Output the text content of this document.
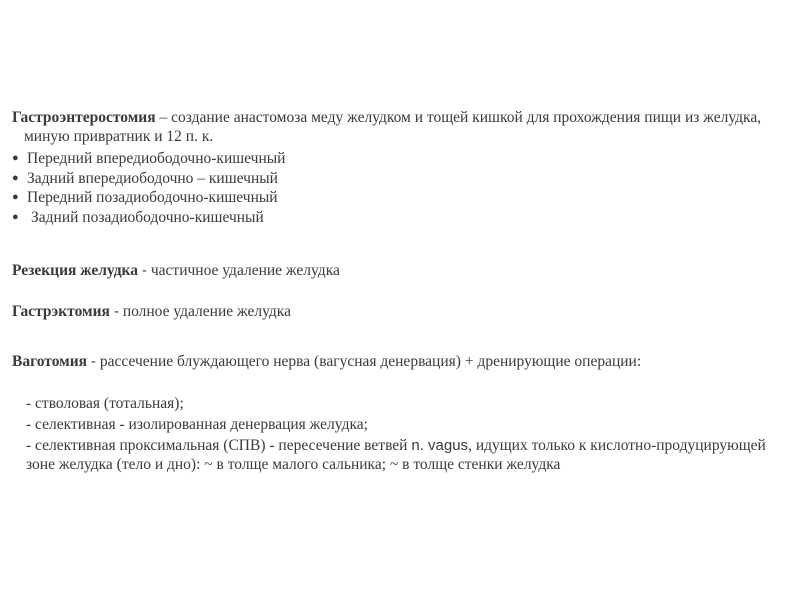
Гастроэнтеростомия – создание анастомоза меду желудком и тощей кишкой для прохождения пищи из желудка, миную привратник и 12 п. к.
● Передний впередиободочно-кишечный
● Задний впередиободочно – кишечный
● Передний позадиободочно-кишечный
● Задний позадиободочно-кишечный
Резекция желудка - частичное удаление желудка
Гастрэктомия - полное удаление желудка
Ваготомия - рассечение блуждающего нерва (вагусная денервация) + дренирующие операции:
- стволовая (тотальная);
- селективная - изолированная денервация желудка;
- селективная проксимальная (СПВ) - пересечение ветвей n. vagus, идущих только к кислотно-продуцирующей зоне желудка (тело и дно): ~ в толще малого сальника; ~ в толще стенки желудка
